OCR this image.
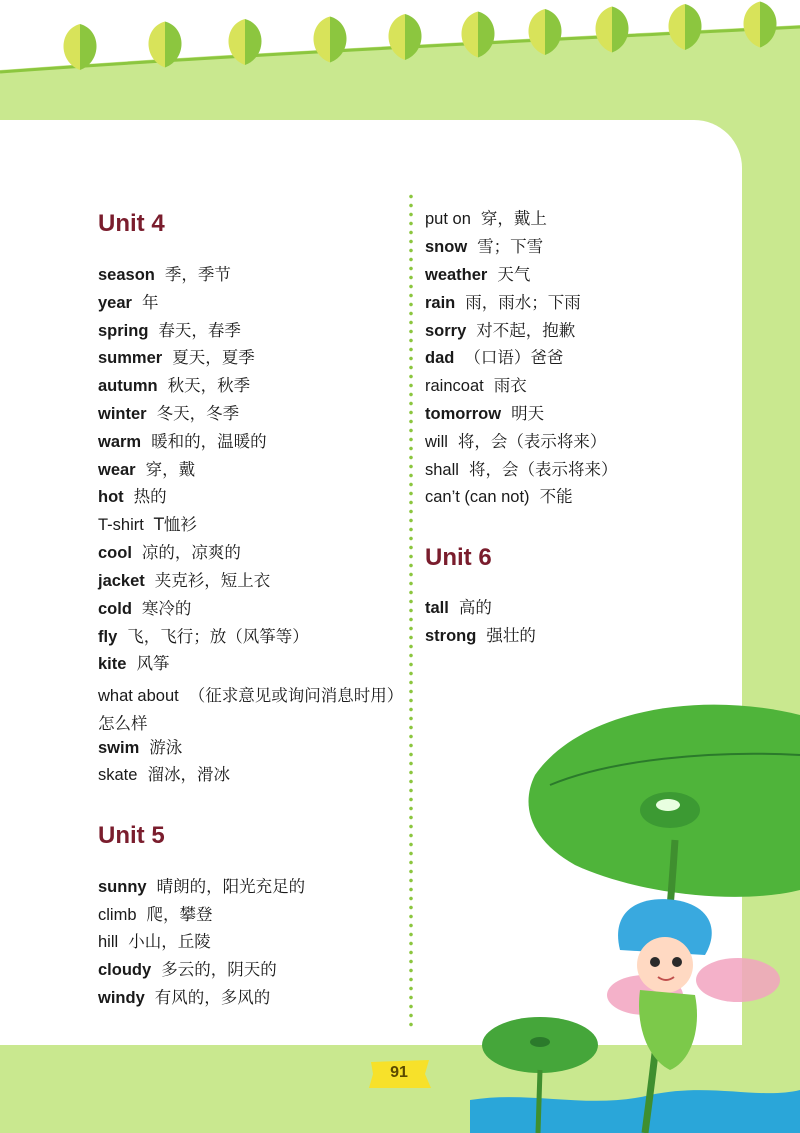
Unit 4
season 季，季节
year 年
spring 春天，春季
summer 夏天，夏季
autumn 秋天，秋季
winter 冬天，冬季
warm 暖和的，温暖的
wear 穿，戴
hot 热的
T-shirt T恤衫
cool 凉的，凉爽的
jacket 夹克衫，短上衣
cold 寒冷的
fly 飞，飞行；放（风筝等）
kite 风筝
what about （征求意见或询问消息时用）怎么样
swim 游泳
skate 溜冰，滑冰
Unit 5
sunny 晴朗的，阳光充足的
climb 爬，攀登
hill 小山，丘陵
cloudy 多云的，阴天的
windy 有风的，多风的
put on 穿，戴上
snow 雪；下雪
weather 天气
rain 雨，雨水；下雨
sorry 对不起，抱歉
dad （口语）爸爸
raincoat 雨衣
tomorrow 明天
will 将，会（表示将来）
shall 将，会（表示将来）
can’t (can not) 不能
Unit 6
tall 高的
strong 强壮的
91
